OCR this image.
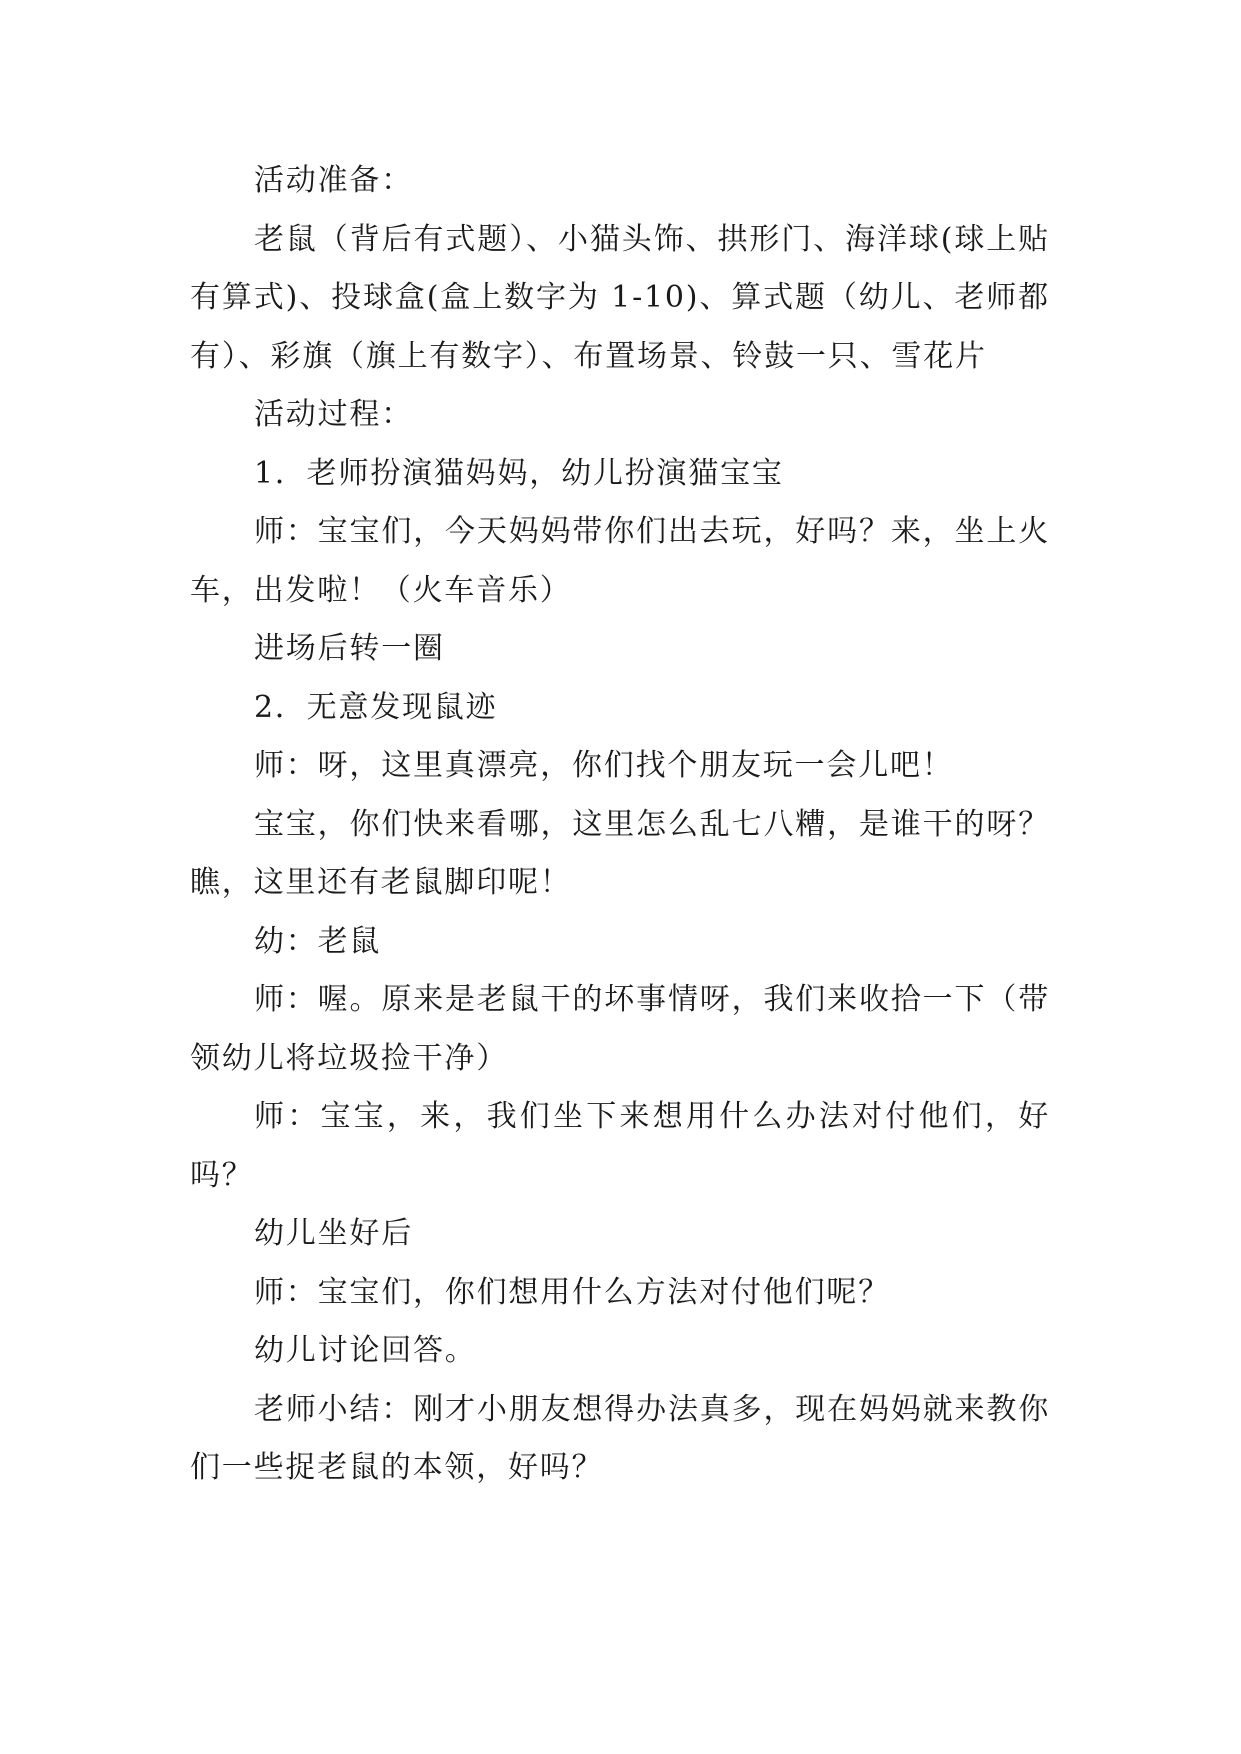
活动准备：

老鼠（背后有式题）、小猫头饰、拱形门、海洋球(球上贴有算式)、投球盒(盒上数字为 1-10)、算式题（幼儿、老师都有）、彩旗（旗上有数字）、布置场景、铃鼓一只、雪花片

活动过程：

1．老师扮演猫妈妈，幼儿扮演猫宝宝

师：宝宝们，今天妈妈带你们出去玩，好吗？来，坐上火车，出发啦！（火车音乐）

进场后转一圈

2．无意发现鼠迹

师：呀，这里真漂亮，你们找个朋友玩一会儿吧！

宝宝，你们快来看哪，这里怎么乱七八糟，是谁干的呀？瞧，这里还有老鼠脚印呢！

幼：老鼠

师：喔。原来是老鼠干的坏事情呀，我们来收拾一下（带领幼儿将垃圾捡干净）

师：宝宝，来，我们坐下来想用什么办法对付他们，好吗？

幼儿坐好后

师：宝宝们，你们想用什么方法对付他们呢？

幼儿讨论回答。

老师小结：刚才小朋友想得办法真多，现在妈妈就来教你们一些捉老鼠的本领，好吗？
